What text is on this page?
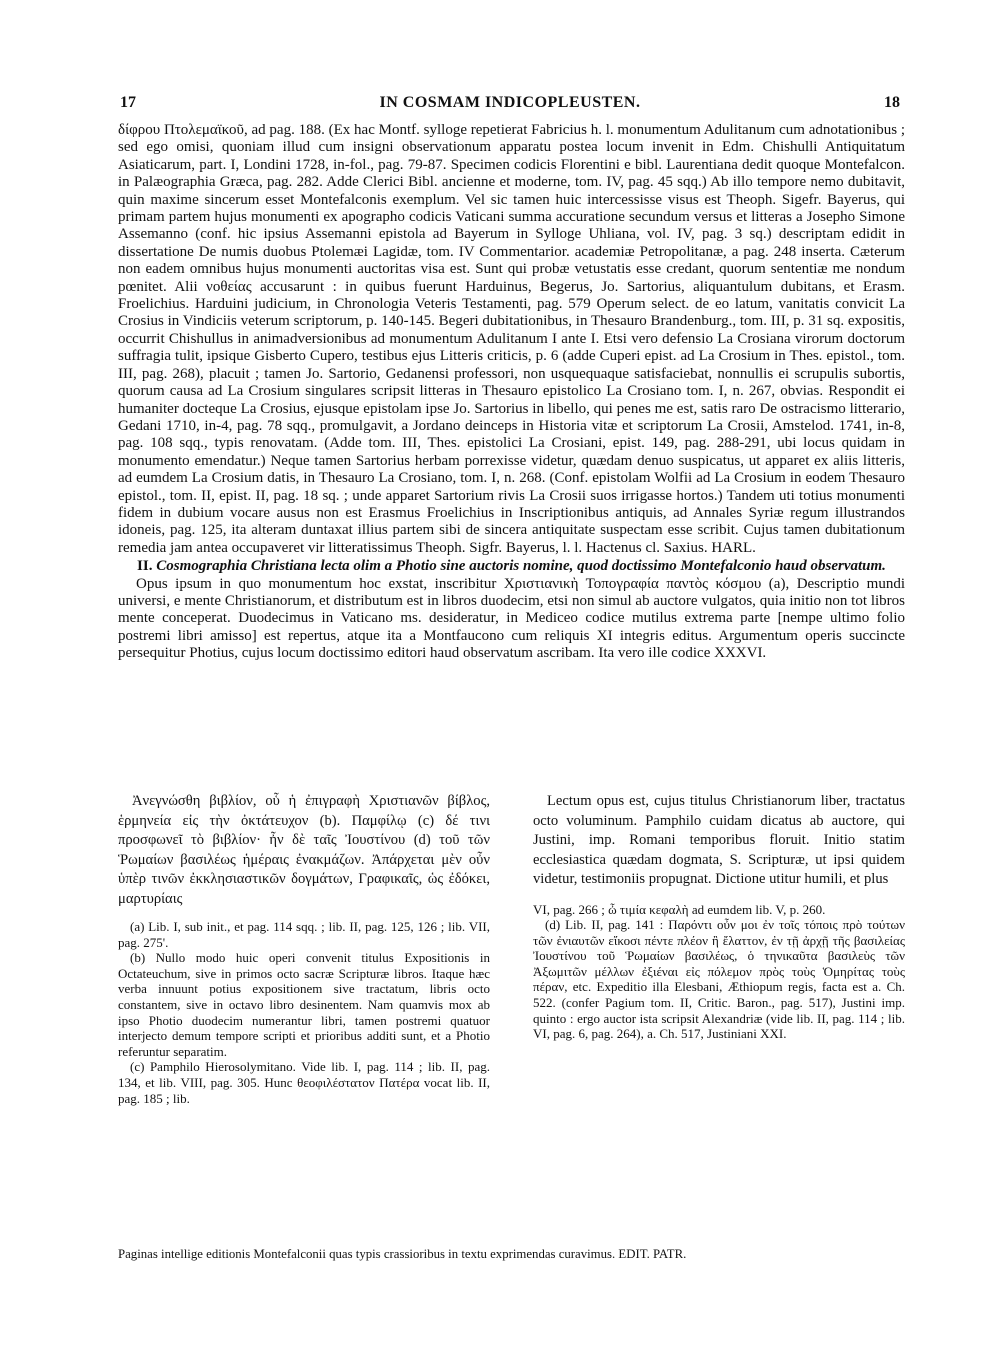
17	IN COSMAM INDICOPLEUSTEN.	18

δίφρου Πτολεμαϊκοῦ, ad pag. 188. (Ex hac Montf. sylloge repetierat Fabricius h. l. monumentum Adulitanum cum adnotationibus ; sed ego omisi, quoniam illud cum insigni observationum apparatu postea locum invenit in Edm. Chishulli Antiquitatum Asiaticarum, part. I, Londini 1728, in-fol., pag. 79-87. Specimen codicis Florentini e bibl. Laurentiana dedit quoque Montefalcon. in Palæographia Græca, pag. 282. Adde Clerici Bibl. ancienne et moderne, tom. IV, pag. 45 sqq.) Ab illo tempore nemo dubitavit, quin maxime sincerum esset Montefalconis exemplum. Vel sic tamen huic intercessisse visus est Theoph. Sigefr. Bayerus, qui primam partem hujus monumenti ex apographo codicis Vaticani summa accuratione secundum versus et litteras a Josepho Simone Assemanno (conf. hic ipsius Assemanni epistola ad Bayerum in Sylloge Uhliana, vol. IV, pag. 3 sq.) descriptam edidit in dissertatione De numis duobus Ptolemæi Lagidæ, tom. IV Commentarior. academiæ Petropolitanæ, a pag. 248 inserta. Cæterum non eadem omnibus hujus monumenti auctoritas visa est. Sunt qui probæ vetustatis esse credant, quorum sententiæ me nondum pœnitet. Alii νοθείας accusarunt : in quibus fuerunt Harduinus, Begerus, Jo. Sartorius, aliquantulum dubitans, et Erasm. Froelichius. Harduini judicium, in Chronologia Veteris Testamenti, pag. 579 Operum select. de eo latum, vanitatis convicit La Crosius in Vindiciis veterum scriptorum, p. 140-145. Begeri dubitationibus, in Thesauro Brandenburg., tom. III, p. 31 sq. expositis, occurrit Chishullus in animadversionibus ad monumentum Adulitanum I ante I. Etsi vero defensio La Crosiana virorum doctorum suffragia tulit, ipsique Gisberto Cupero, testibus ejus Litteris criticis, p. 6 (adde Cuperi epist. ad La Crosium in Thes. epistol., tom. III, pag. 268), placuit ; tamen Jo. Sartorio, Gedanensi professori, non usquequaque satisfaciebat, nonnullis ei scrupulis subortis, quorum causa ad La Crosium singulares scripsit litteras in Thesauro epistolico La Crosiano tom. I, n. 267, obvias. Respondit ei humaniter docteque La Crosius, ejusque epistolam ipse Jo. Sartorius in libello, qui penes me est, satis raro De ostracismo litterario, Gedani 1710, in-4, pag. 78 sqq., promulgavit, a Jordano deinceps in Historia vitæ et scriptorum La Crosii, Amstelod. 1741, in-8, pag. 108 sqq., typis renovatam. (Adde tom. III, Thes. epistolici La Crosiani, epist. 149, pag. 288-291, ubi locus quidam in monumento emendatur.) Neque tamen Sartorius herbam porrexisse videtur, quædam denuo suspicatus, ut apparet ex aliis litteris, ad eumdem La Crosium datis, in Thesauro La Crosiano, tom. I, n. 268. (Conf. epistolam Wolfii ad La Crosium in eodem Thesauro epistol., tom. II, epist. II, pag. 18 sq. ; unde apparet Sartorium rivis La Crosii suos irrigasse hortos.) Tandem uti totius monumenti fidem in dubium vocare ausus non est Erasmus Froelichius in Inscriptionibus antiquis, ad Annales Syriæ regum illustrandos idoneis, pag. 125, ita alteram duntaxat illius partem sibi de sincera antiquitate suspectam esse scribit. Cujus tamen dubitationum remedia jam antea occupaveret vir litteratissimus Theoph. Sigfr. Bayerus, l. l. Hactenus cl. Saxius. HARL.

II. Cosmographia Christiana lecta olim a Photio sine auctoris nomine, quod doctissimo Montefalconio haud observatum.

Opus ipsum in quo monumentum hoc exstat, inscribitur Χριστιανικὴ Τοπογραφία παντὸς κόσμου (a), Descriptio mundi universi, e mente Christianorum, et distributum est in libros duodecim, etsi non simul ab auctore vulgatos, quia initio non tot libros mente conceperat. Duodecimus in Vaticano ms. desideratur, in Mediceo codice mutilus extrema parte [nempe ultimo folio postremi libri amisso] est repertus, atque ita a Montfaucono cum reliquis XI integris editus. Argumentum operis succincte persequitur Photius, cujus locum doctissimo editori haud observatum ascribam. Ita vero ille codice XXXVI.

Ἀνεγνώσθη βιβλίον, οὗ ἡ ἐπιγραφὴ Χριστιανῶν βίβλος, ἑρμηνεία εἰς τὴν ὀκτάτευχον (b). Παμφίλῳ (c) δέ τινι προσφωνεῖ τὸ βιβλίον· ἦν δὲ ταῖς Ἰουστίνου (d) τοῦ τῶν Ῥωμαίων βασιλέως ἡμέραις ἐνακμάζων. Ἀπάρχεται μὲν οὖν ὑπὲρ τινῶν ἐκκλησιαστικῶν δογμάτων, Γραφικαῖς, ὡς ἐδόκει, μαρτυρίαις

(a) Lib. I, sub init., et pag. 114 sqq. ; lib. II, pag. 125, 126 ; lib. VII, pag. 275'.

(b) Nullo modo huic operi convenit titulus Expositionis in Octateuchum, sive in primos octo sacræ Scripturæ libros. Itaque hæc verba innuunt potius expositionem sive tractatum, libris octo constantem, sive in octavo libro desinentem. Nam quamvis mox ab ipso Photio duodecim numerantur libri, tamen postremi quatuor interjecto demum tempore scripti et prioribus additi sunt, et a Photio referuntur separatim.

(c) Pamphilo Hierosolymitano. Vide lib. I, pag. 114 ; lib. II, pag. 134, et lib. VIII, pag. 305. Hunc θεοφιλέστατον Πατέρα vocat lib. II, pag. 185 ; lib.

Lectum opus est, cujus titulus Christianorum liber, tractatus octo voluminum. Pamphilo cuidam dicatus ab auctore, qui Justini, imp. Romani temporibus floruit. Initio statim ecclesiastica quædam dogmata, S. Scripturæ, ut ipsi quidem videtur, testimoniis propugnat. Dictione utitur humili, et plus

VI, pag. 266 ; ὦ τιμία κεφαλὴ ad eumdem lib. V, p. 260.

(d) Lib. II, pag. 141 : Παρόντι οὖν μοι ἐν τοῖς τόποις πρὸ τούτων τῶν ἐνιαυτῶν εἴκοσι πέντε πλέον ἢ ἔλαττον, ἐν τῇ ἀρχῇ τῆς βασιλείας Ἰουστίνου τοῦ Ῥωμαίων βασιλέως, ὁ τηνικαῦτα βασιλεὺς τῶν Ἀξωμιτῶν μέλλων ἐξιέναι εἰς πόλεμον πρὸς τοὺς Ὁμηρίτας τοὺς πέραν, etc. Expeditio illa Elesbani, Æthiopum regis, facta est a. Ch. 522. (confer Pagium tom. II, Critic. Baron., pag. 517), Justini imp. quinto : ergo auctor ista scripsit Alexandriæ (vide lib. II, pag. 114 ; lib. VI, pag. 6, pag. 264), a. Ch. 517, Justiniani XXI.

Paginas intellige editionis Montefalconii quas typis crassioribus in textu exprimendas curavimus. EDIT. PATR.
